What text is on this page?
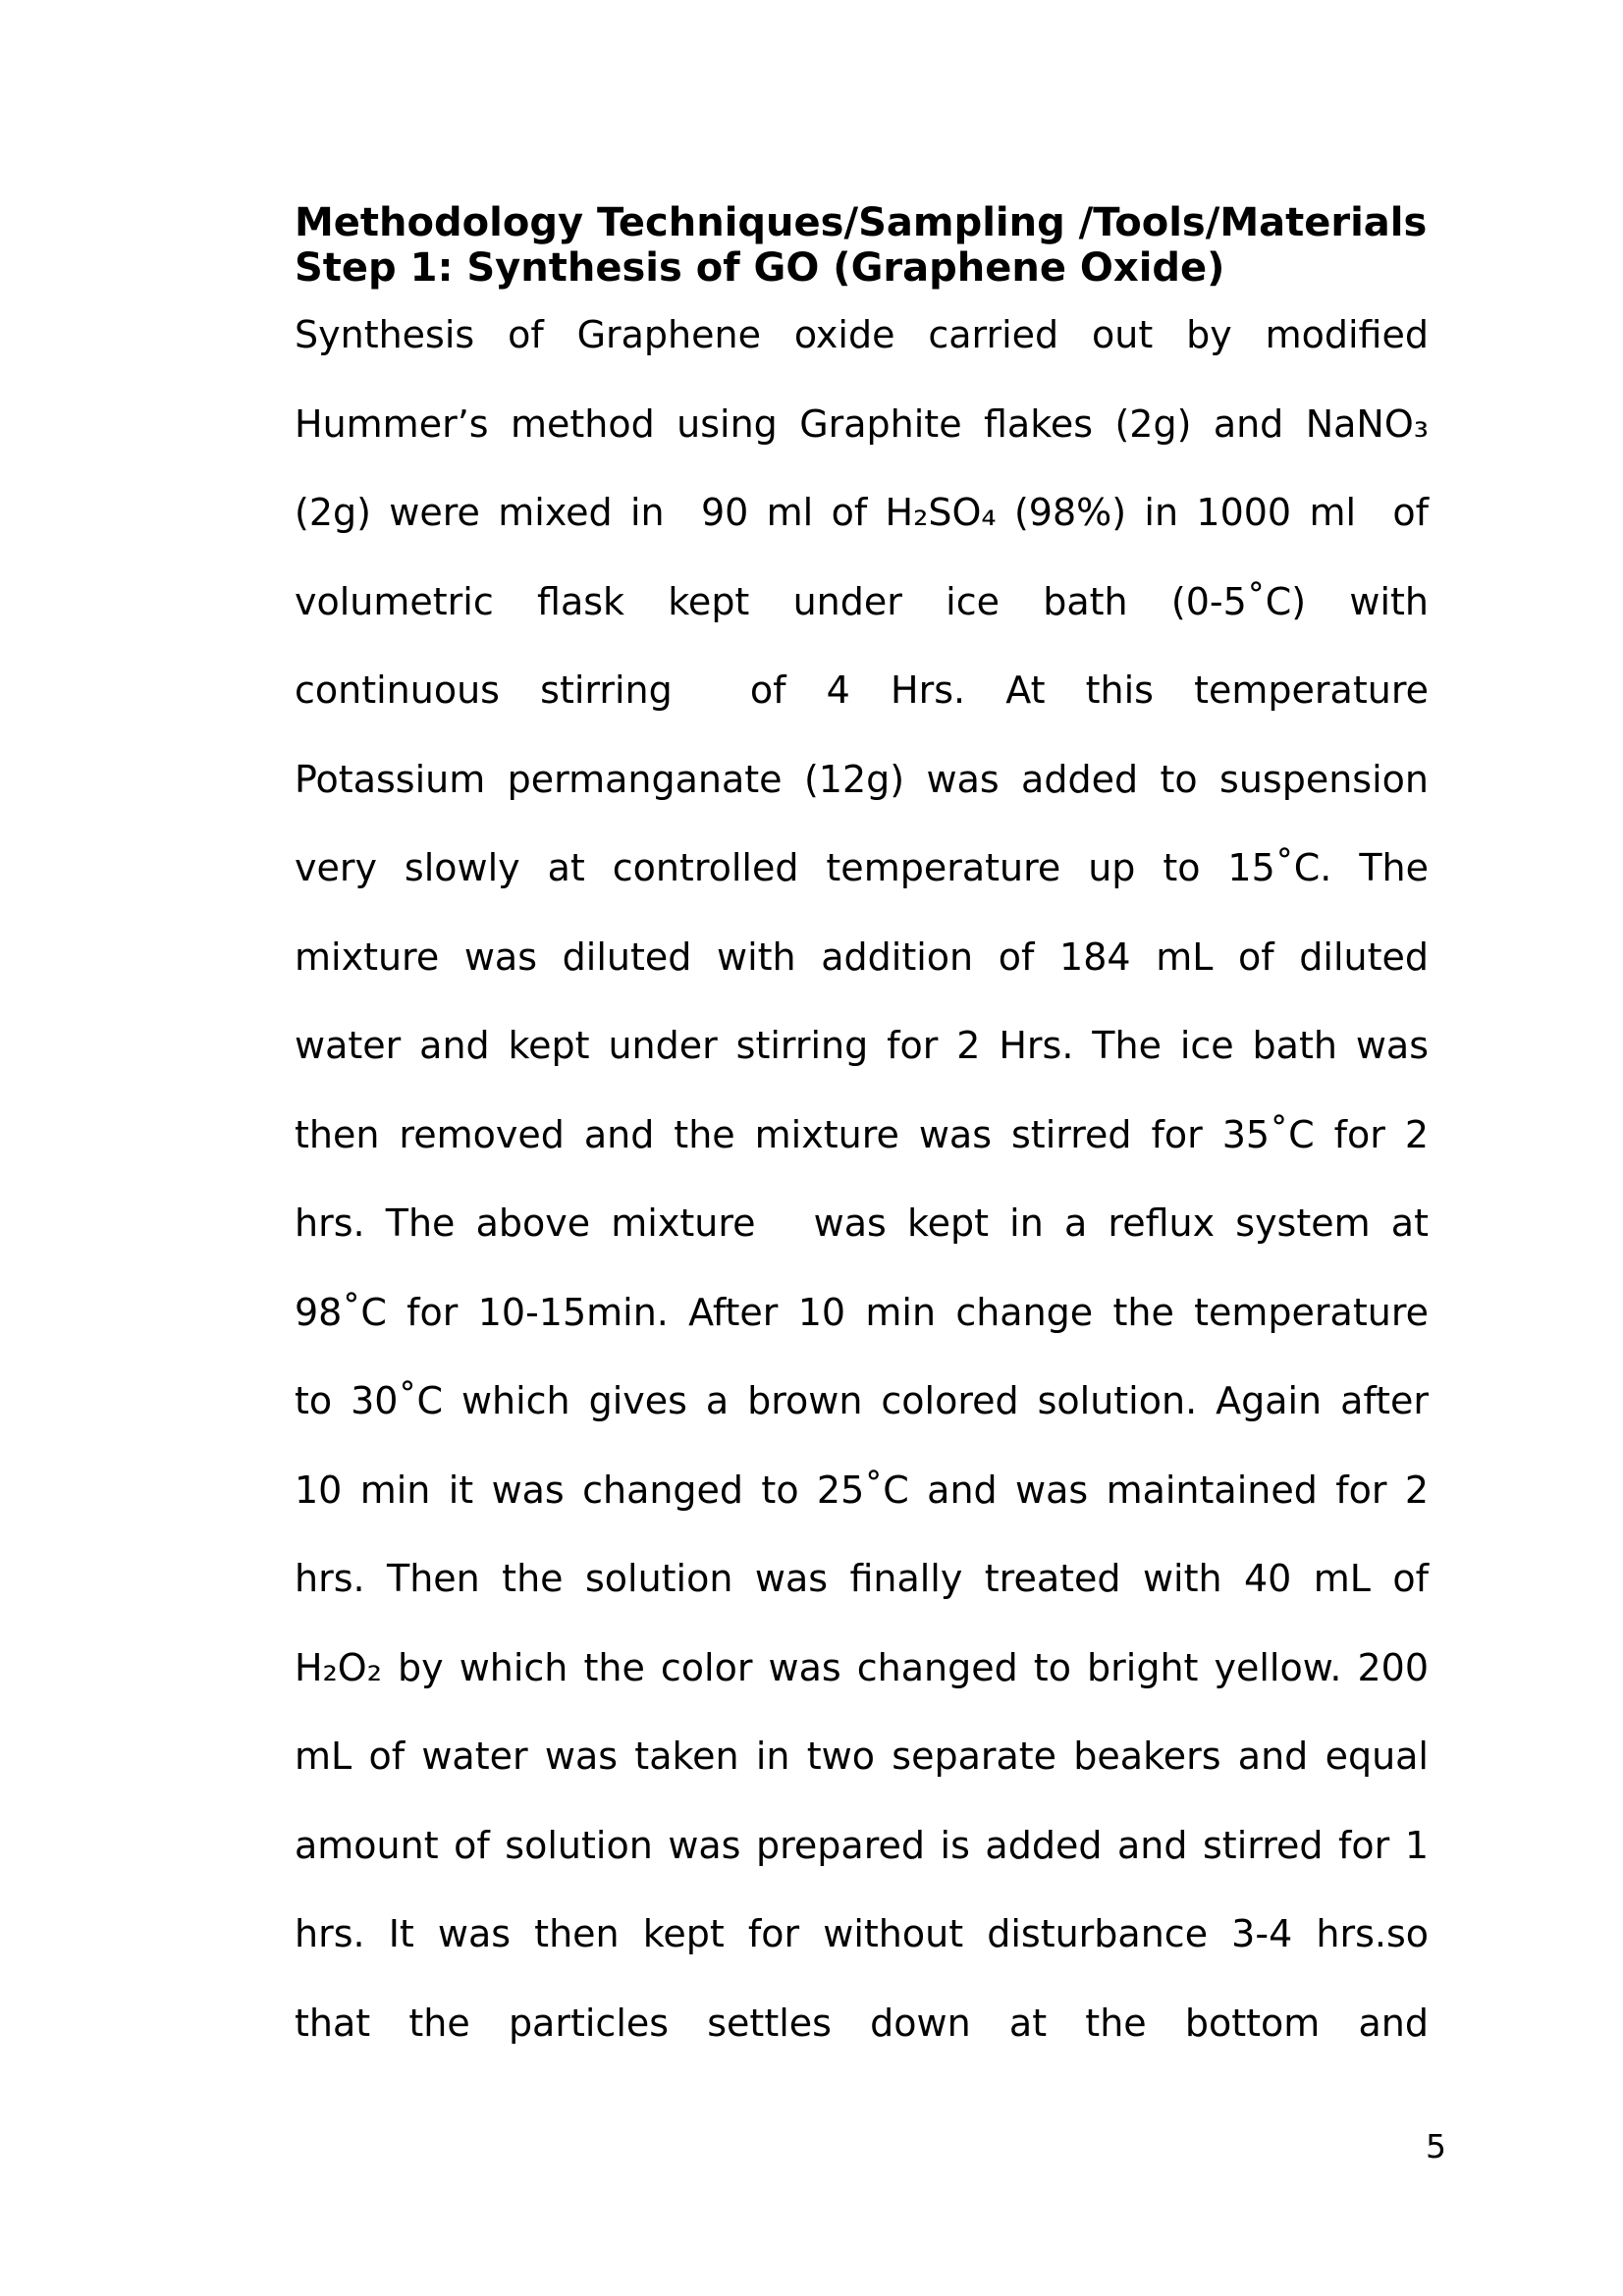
Methodology Techniques/Sampling /Tools/Materials
Step 1: Synthesis of GO (Graphene Oxide)
Synthesis of Graphene oxide carried out by modified
Hummer’s method using Graphite flakes (2g) and NaNO₃
(2g) were mixed in  90 ml of H₂SO₄ (98%) in 1000 ml  of
volumetric flask kept under ice bath (0-5˚C) with
continuous stirring  of 4 Hrs. At this temperature
Potassium permanganate (12g) was added to suspension
very slowly at controlled temperature up to 15˚C. The
mixture was diluted with addition of 184 mL of diluted
water and kept under stirring for 2 Hrs. The ice bath was
then removed and the mixture was stirred for 35˚C for 2
hrs. The above mixture  was kept in a reflux system at
98˚C for 10-15min. After 10 min change the temperature
to 30˚C which gives a brown colored solution. Again after
10 min it was changed to 25˚C and was maintained for 2
hrs. Then the solution was finally treated with 40 mL of
H₂O₂ by which the color was changed to bright yellow. 200
mL of water was taken in two separate beakers and equal
amount of solution was prepared is added and stirred for 1
hrs. It was then kept for without disturbance 3-4 hrs.so
that the particles settles down at the bottom and
5
